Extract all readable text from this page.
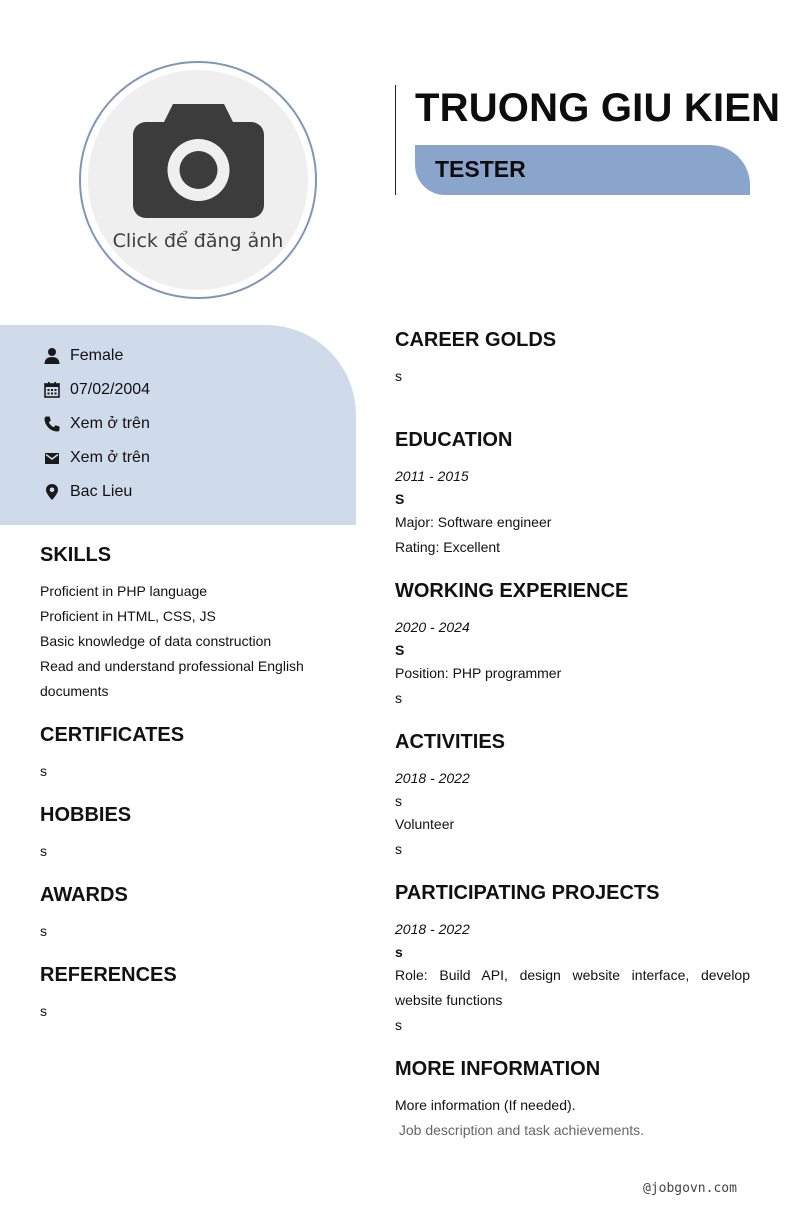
Click để đăng ảnh
TRUONG GIU KIEN
TESTER
Female
07/02/2004
Xem ở trên
Xem ở trên
Bac Lieu
SKILLS
Proficient in PHP language
Proficient in HTML, CSS, JS
Basic knowledge of data construction
Read and understand professional English documents
CERTIFICATES
s
HOBBIES
s
AWARDS
s
REFERENCES
s
CAREER GOLDS
s
EDUCATION
2011 - 2015
S
Major: Software engineer
Rating: Excellent
WORKING EXPERIENCE
2020 - 2024
S
Position: PHP programmer
s
ACTIVITIES
2018 - 2022
s
Volunteer
s
PARTICIPATING PROJECTS
2018 - 2022
s
Role: Build API, design website interface, develop website functions
s
MORE INFORMATION
More information (If needed).
Job description and task achievements.
@jobgovn.com
